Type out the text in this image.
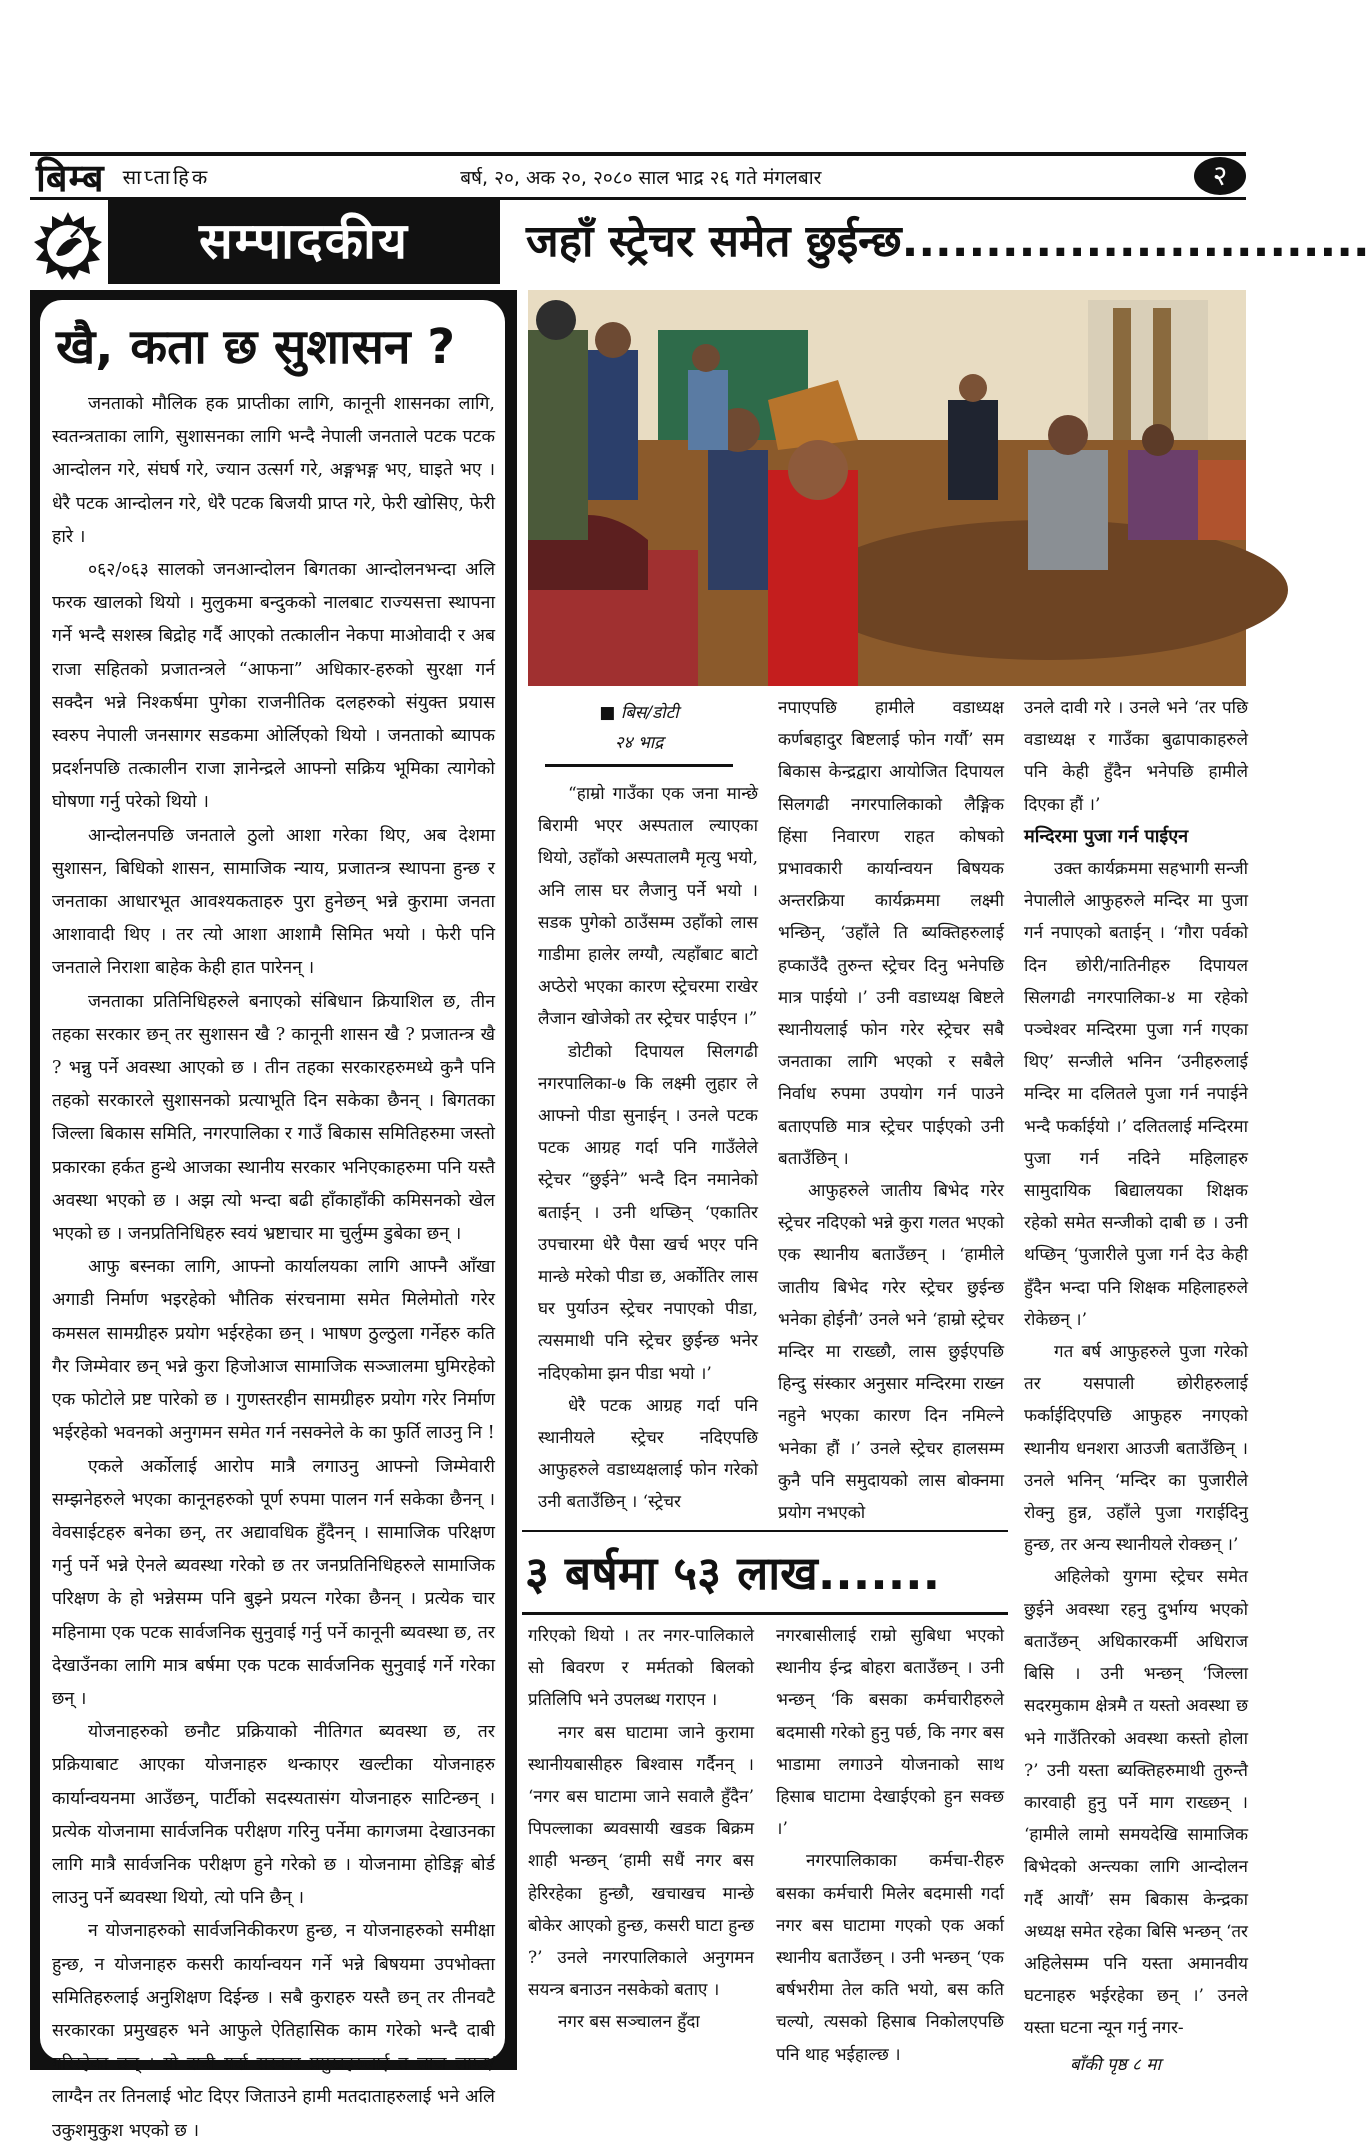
बिम्ब साप्ताहिक	बर्ष, २०, अक २०, २०८० साल भाद्र २६ गते मंगलबार	२
सम्पादकीय	जहाँ स्ट्रेचर समेत छुईन्छ............................
खै, कता छ सुशासन ?

जनताको मौलिक हक प्राप्तीका लागि, कानूनी शासनका लागि, स्वतन्त्रताका लागि, सुशासनका लागि भन्दै नेपाली जनताले पटक पटक आन्दोलन गरे, संघर्ष गरे, ज्यान उत्सर्ग गरे, अङ्गभङ्ग भए, घाइते भए । धेरै पटक आन्दोलन गरे, धेरै पटक बिजयी प्राप्त गरे, फेरी खोसिए, फेरी हारे ।

०६२/०६३ सालको जनआन्दोलन बिगतका आन्दोलनभन्दा अलि फरक खालको थियो । मुलुकमा बन्दुकको नालबाट राज्यसत्ता स्थापना गर्ने भन्दै सशस्त्र बिद्रोह गर्दै आएको तत्कालीन नेकपा माओवादी र अब राजा सहितको प्रजातन्त्रले “आफना” अधिकार-हरुको सुरक्षा गर्न सक्दैन भन्ने निश्कर्षमा पुगेका राजनीतिक दलहरुको संयुक्त प्रयास स्वरुप नेपाली जनसागर सडकमा ओर्लिएको थियो । जनताको ब्यापक प्रदर्शनपछि तत्कालीन राजा ज्ञानेन्द्रले आफ्नो सक्रिय भूमिका त्यागेको घोषणा गर्नु परेको थियो ।

आन्दोलनपछि जनताले ठुलो आशा गरेका थिए, अब देशमा सुशासन, बिधिको शासन, सामाजिक न्याय, प्रजातन्त्र स्थापना हुन्छ र जनताका आधारभूत आवश्यकताहरु पुरा हुनेछन् भन्ने कुरामा जनता आशावादी थिए । तर त्यो आशा आशामै सिमित भयो । फेरी पनि जनताले निराशा बाहेक केही हात पारेनन् ।

जनताका प्रतिनिधिहरुले बनाएको संबिधान क्रियाशिल छ, तीन तहका सरकार छन् तर सुशासन खै ? कानूनी शासन खै ? प्रजातन्त्र खै ? भन्नु पर्ने अवस्था आएको छ । तीन तहका सरकारहरुमध्ये कुनै पनि तहको सरकारले सुशासनको प्रत्याभूति दिन सकेका छैनन् । बिगतका जिल्ला बिकास समिति, नगरपालिका र गाउँ बिकास समितिहरुमा जस्तो प्रकारका हर्कत हुन्थे आजका स्थानीय सरकार भनिएकाहरुमा पनि यस्तै अवस्था भएको छ । अझ त्यो भन्दा बढी हाँकाहाँकी कमिसनको खेल भएको छ । जनप्रतिनिधिहरु स्वयं भ्रष्टाचार मा चुर्लुम्म डुबेका छन् ।

आफु बस्नका लागि, आफ्नो कार्यालयका लागि आफ्नै आँखा अगाडी निर्माण भइरहेको भौतिक संरचनामा समेत मिलेमोतो गरेर कमसल सामग्रीहरु प्रयोग भईरहेका छन् । भाषण ठुल्ठुला गर्नेहरु कति गैर जिम्मेवार छन् भन्ने कुरा हिजोआज सामाजिक सञ्जालमा घुमिरहेको एक फोटोले प्रष्ट पारेको छ । गुणस्तरहीन सामग्रीहरु प्रयोग गरेर निर्माण भईरहेको भवनको अनुगमन समेत गर्न नसक्नेले के का फुर्ति लाउनु नि !

एकले अर्कोलाई आरोप मात्रै लगाउनु आफ्नो जिम्मेवारी सम्झनेहरुले भएका कानूनहरुको पूर्ण रुपमा पालन गर्न सकेका छैनन् । वेवसाईटहरु बनेका छन्, तर अद्यावधिक हुँदैनन् । सामाजिक परिक्षण गर्नु पर्ने भन्ने ऐनले ब्यवस्था गरेको छ तर जनप्रतिनिधिहरुले सामाजिक परिक्षण के हो भन्नेसम्म पनि बुझ्ने प्रयत्न गरेका छैनन् । प्रत्येक चार महिनामा एक पटक सार्वजनिक सुनुवाई गर्नु पर्ने कानूनी ब्यवस्था छ, तर देखाउँनका लागि मात्र बर्षमा एक पटक सार्वजनिक सुनुवाई गर्ने गरेका छन् ।

योजनाहरुको छनौट प्रक्रियाको नीतिगत ब्यवस्था छ, तर प्रक्रियाबाट आएका योजनाहरु थन्काएर खल्टीका योजनाहरु कार्यान्वयनमा आउँछन्, पार्टीको सदस्यतासंग योजनाहरु साटिन्छन् । प्रत्येक योजनामा सार्वजनिक परीक्षण गरिनु पर्नेमा कागजमा देखाउनका लागि मात्रै सार्वजनिक परीक्षण हुने गरेको छ । योजनामा होडिङ्ग बोर्ड लाउनु पर्ने ब्यवस्था थियो, त्यो पनि छैन् ।

न योजनाहरुको सार्वजनिकीकरण हुन्छ, न योजनाहरुको समीक्षा हुन्छ, न योजनाहरु कसरी कार्यान्वयन गर्ने भन्ने बिषयमा उपभोक्ता समितिहरुलाई अनुशिक्षण दिईन्छ । सबै कुराहरु यस्तै छन् तर तीनवटै सरकारका प्रमुखहरु भने आफुले ऐतिहासिक काम गरेको भन्दै दाबी गरिरहेका छन् । यो दाबी गर्दा सरकार प्रमुखहरुलाई त लाज लाग्छ/लाग्दैन तर तिनलाई भोट दिएर जिताउने हामी मतदाताहरुलाई भने अलि उकुशमुकुश भएको छ ।

■ बिस/डोटी
२४ भाद्र

“हाम्रो गाउँका एक जना मान्छे बिरामी भएर अस्पताल ल्याएका थियो, उहाँको अस्पतालमै मृत्यु भयो, अनि लास घर लैजानु पर्ने भयो । सडक पुगेको ठाउँसम्म उहाँको लास गाडीमा हालेर लग्यौ, त्यहाँबाट बाटो अप्ठेरो भएका कारण स्ट्रेचरमा राखेर लैजान खोजेको तर स्ट्रेचर पाईएन ।”

डोटीको दिपायल सिलगढी नगरपालिका-७ कि लक्ष्मी लुहार ले आफ्नो पीडा सुनाईन् । उनले पटक पटक आग्रह गर्दा पनि गाउँलेले स्ट्रेचर “छुईने” भन्दै दिन नमानेको बताईन् । उनी थप्छिन् ‘एकातिर उपचारमा धेरै पैसा खर्च भएर पनि मान्छे मरेको पीडा छ, अर्कोतिर लास घर पुर्याउन स्ट्रेचर नपाएको पीडा, त्यसमाथी पनि स्ट्रेचर छुईन्छ भनेर नदिएकोमा झन पीडा भयो ।’

धेरै पटक आग्रह गर्दा पनि स्थानीयले स्ट्रेचर नदिएपछि आफुहरुले वडाध्यक्षलाई फोन गरेको उनी बताउँछिन् । ‘स्ट्रेचर

नपाएपछि हामीले वडाध्यक्ष कर्णबहादुर बिष्टलाई फोन गर्यौ’ सम बिकास केन्द्रद्वारा आयोजित दिपायल सिलगढी नगरपालिकाको लैङ्गिक हिंसा निवारण राहत कोषको प्रभावकारी कार्यान्वयन बिषयक अन्तरक्रिया कार्यक्रममा लक्ष्मी भन्छिन्, ‘उहाँले ति ब्यक्तिहरुलाई हप्काउँदै तुरुन्त स्ट्रेचर दिनु भनेपछि मात्र पाईयो ।’ उनी वडाध्यक्ष बिष्टले स्थानीयलाई फोन गरेर स्ट्रेचर सबै जनताका लागि भएको र सबैले निर्वाध रुपमा उपयोग गर्न पाउने बताएपछि मात्र स्ट्रेचर पाईएको उनी बताउँछिन् ।

आफुहरुले जातीय बिभेद गरेर स्ट्रेचर नदिएको भन्ने कुरा गलत भएको एक स्थानीय बताउँछन् । ‘हामीले जातीय बिभेद गरेर स्ट्रेचर छुईन्छ भनेका होईनौ’ उनले भने ‘हाम्रो स्ट्रेचर मन्दिर मा राख्छौ, लास छुईएपछि हिन्दु संस्कार अनुसार मन्दिरमा राख्न नहुने भएका कारण दिन नमिल्ने भनेका हौं ।’ उनले स्ट्रेचर हालसम्म कुनै पनि समुदायको लास बोक्नमा प्रयोग नभएको

उनले दावी गरे । उनले भने ‘तर पछि वडाध्यक्ष र गाउँका बुढापाकाहरुले पनि केही हुँदैन भनेपछि हामीले दिएका हौं ।’

मन्दिरमा पुजा गर्न पाईएन

उक्त कार्यक्रममा सहभागी सन्जी नेपालीले आफुहरुले मन्दिर मा पुजा गर्न नपाएको बताईन् । ‘गौरा पर्वको दिन छोरी/नातिनीहरु दिपायल सिलगढी नगरपालिका-४ मा रहेको पञ्चेश्वर मन्दिरमा पुजा गर्न गएका थिए’ सन्जीले भनिन ‘उनीहरुलाई मन्दिर मा दलितले पुजा गर्न नपाईने भन्दै फर्काईयो ।’ दलितलाई मन्दिरमा पुजा गर्न नदिने महिलाहरु सामुदायिक बिद्यालयका शिक्षक रहेको समेत सन्जीको दाबी छ । उनी थप्छिन् ‘पुजारीले पुजा गर्न देउ केही हुँदैन भन्दा पनि शिक्षक महिलाहरुले रोकेछन् ।’

गत बर्ष आफुहरुले पुजा गरेको तर यसपाली छोरीहरुलाई फर्काईदिएपछि आफुहरु नगएको स्थानीय धनशरा आउजी बताउँछिन् । उनले भनिन् ‘मन्दिर का पुजारीले रोक्नु हुन्न, उहाँले पुजा गराईदिनु हुन्छ, तर अन्य स्थानीयले रोक्छन् ।’

अहिलेको युगमा स्ट्रेचर समेत छुईने अवस्था रहनु दुर्भाग्य भएको बताउँछन् अधिकारकर्मी अधिराज बिसि । उनी भन्छन् ‘जिल्ला सदरमुकाम क्षेत्रमै त यस्तो अवस्था छ भने गाउँतिरको अवस्था कस्तो होला ?’ उनी यस्ता ब्यक्तिहरुमाथी तुरुन्तै कारवाही हुनु पर्ने माग राख्छन् । ‘हामीले लामो समयदेखि सामाजिक बिभेदको अन्त्यका लागि आन्दोलन गर्दै आयौं’ सम बिकास केन्द्रका अध्यक्ष समेत रहेका बिसि भन्छन् ‘तर अहिलेसम्म पनि यस्ता अमानवीय घटनाहरु भईरहेका छन् ।’ उनले यस्ता घटना न्यून गर्नु नगर-

बाँकी पृष्ठ ८ मा
३ बर्षमा ५३ लाख.......

गरिएको थियो । तर नगर-पालिकाले सो बिवरण र मर्मतको बिलको प्रतिलिपि भने उपलब्ध गराएन ।

नगर बस घाटामा जाने कुरामा स्थानीयबासीहरु बिश्वास गर्दैनन् । ‘नगर बस घाटामा जाने सवालै हुँदैन’ पिपल्लाका ब्यवसायी खडक बिक्रम शाही भन्छन् ‘हामी सधैं नगर बस हेरिरहेका हुन्छौ, खचाखच मान्छे बोकेर आएको हुन्छ, कसरी घाटा हुन्छ ?’ उनले नगरपालिकाले अनुगमन सयन्त्र बनाउन नसकेको बताए ।

नगर बस सञ्चालन हुँदा

नगरबासीलाई राम्रो सुबिधा भएको स्थानीय ईन्द्र बोहरा बताउँछन् । उनी भन्छन् ‘कि बसका कर्मचारीहरुले बदमासी गरेको हुनु पर्छ, कि नगर बस भाडामा लगाउने योजनाको साथ हिसाब घाटामा देखाईएको हुन सक्छ ।’

नगरपालिकाका कर्मचा-रीहरु बसका कर्मचारी मिलेर बदमासी गर्दा नगर बस घाटामा गएको एक अर्का स्थानीय बताउँछन् । उनी भन्छन् ‘एक बर्षभरीमा तेल कति भयो, बस कति चल्यो, त्यसको हिसाब निकोलएपछि पनि थाह भईहाल्छ ।
